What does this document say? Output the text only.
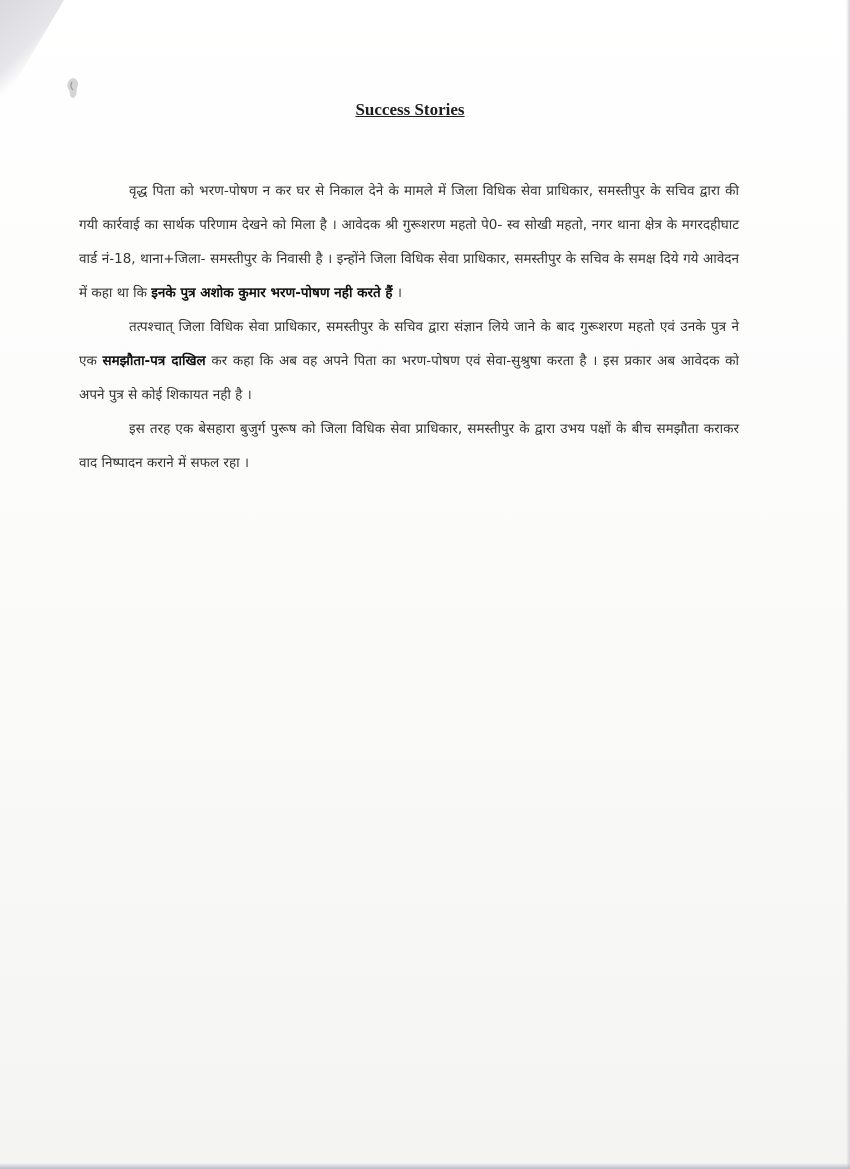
Success Stories

वृद्ध पिता को भरण-पोषण न कर घर से निकाल देने के मामले में जिला विधिक सेवा प्राधिकार, समस्तीपुर के सचिव द्वारा की गयी कार्रवाई का सार्थक परिणाम देखने को मिला है । आवेदक श्री गुरूशरण महतो पे0- स्व सोखी महतो, नगर थाना क्षेत्र के मगरदहीघाट वार्ड नं-18, थाना+जिला- समस्तीपुर के निवासी है । इन्होंने जिला विधिक सेवा प्राधिकार, समस्तीपुर के सचिव के समक्ष दिये गये आवेदन में कहा था कि इनके पुत्र अशोक कुमार भरण-पोषण नही करते हैं ।

तत्पश्चात् जिला विधिक सेवा प्राधिकार, समस्तीपुर के सचिव द्वारा संज्ञान लिये जाने के बाद गुरूशरण महतो एवं उनके पुत्र ने एक समझौता-पत्र दाखिल कर कहा कि अब वह अपने पिता का भरण-पोषण एवं सेवा-सुश्रुषा करता है । इस प्रकार अब आवेदक को अपने पुत्र से कोई शिकायत नही है ।

इस तरह एक बेसहारा बुजुर्ग पुरूष को जिला विधिक सेवा प्राधिकार, समस्तीपुर के द्वारा उभय पक्षों के बीच समझौता कराकर वाद निष्पादन कराने में सफल रहा ।
